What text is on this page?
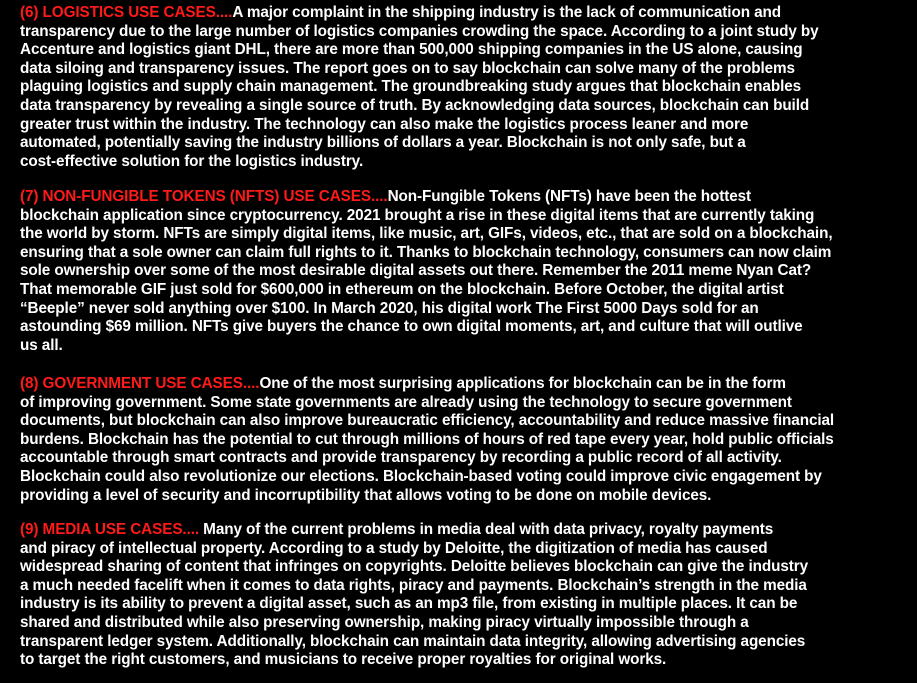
(6) LOGISTICS USE CASES....A major complaint in the shipping industry is the lack of communication and
transparency due to the large number of logistics companies crowding the space. According to a joint study by
Accenture and logistics giant DHL, there are more than 500,000 shipping companies in the US alone, causing
data siloing and transparency issues. The report goes on to say blockchain can solve many of the problems
plaguing logistics and supply chain management. The groundbreaking study argues that blockchain enables
data transparency by revealing a single source of truth. By acknowledging data sources, blockchain can build
greater trust within the industry. The technology can also make the logistics process leaner and more
automated, potentially saving the industry billions of dollars a year. Blockchain is not only safe, but a
cost-effective solution for the logistics industry.
(7) NON-FUNGIBLE TOKENS (NFTS) USE CASES....Non-Fungible Tokens (NFTs) have been the hottest
blockchain application since cryptocurrency. 2021 brought a rise in these digital items that are currently taking
the world by storm. NFTs are simply digital items, like music, art, GIFs, videos, etc., that are sold on a blockchain,
ensuring that a sole owner can claim full rights to it. Thanks to blockchain technology, consumers can now claim
sole ownership over some of the most desirable digital assets out there. Remember the 2011 meme Nyan Cat?
That memorable GIF just sold for $600,000 in ethereum on the blockchain. Before October, the digital artist
“Beeple” never sold anything over $100. In March 2020, his digital work The First 5000 Days sold for an
astounding $69 million. NFTs give buyers the chance to own digital moments, art, and culture that will outlive
us all.
(8) GOVERNMENT USE CASES....One of the most surprising applications for blockchain can be in the form
of improving government. Some state governments are already using the technology to secure government
documents, but blockchain can also improve bureaucratic efficiency, accountability and reduce massive financial
burdens. Blockchain has the potential to cut through millions of hours of red tape every year, hold public officials
accountable through smart contracts and provide transparency by recording a public record of all activity.
Blockchain could also revolutionize our elections. Blockchain-based voting could improve civic engagement by
providing a level of security and incorruptibility that allows voting to be done on mobile devices.
(9) MEDIA USE CASES.... Many of the current problems in media deal with data privacy, royalty payments
and piracy of intellectual property. According to a study by Deloitte, the digitization of media has caused
widespread sharing of content that infringes on copyrights. Deloitte believes blockchain can give the industry
a much needed facelift when it comes to data rights, piracy and payments. Blockchain’s strength in the media
industry is its ability to prevent a digital asset, such as an mp3 file, from existing in multiple places. It can be
shared and distributed while also preserving ownership, making piracy virtually impossible through a
transparent ledger system. Additionally, blockchain can maintain data integrity, allowing advertising agencies
to target the right customers, and musicians to receive proper royalties for original works.
